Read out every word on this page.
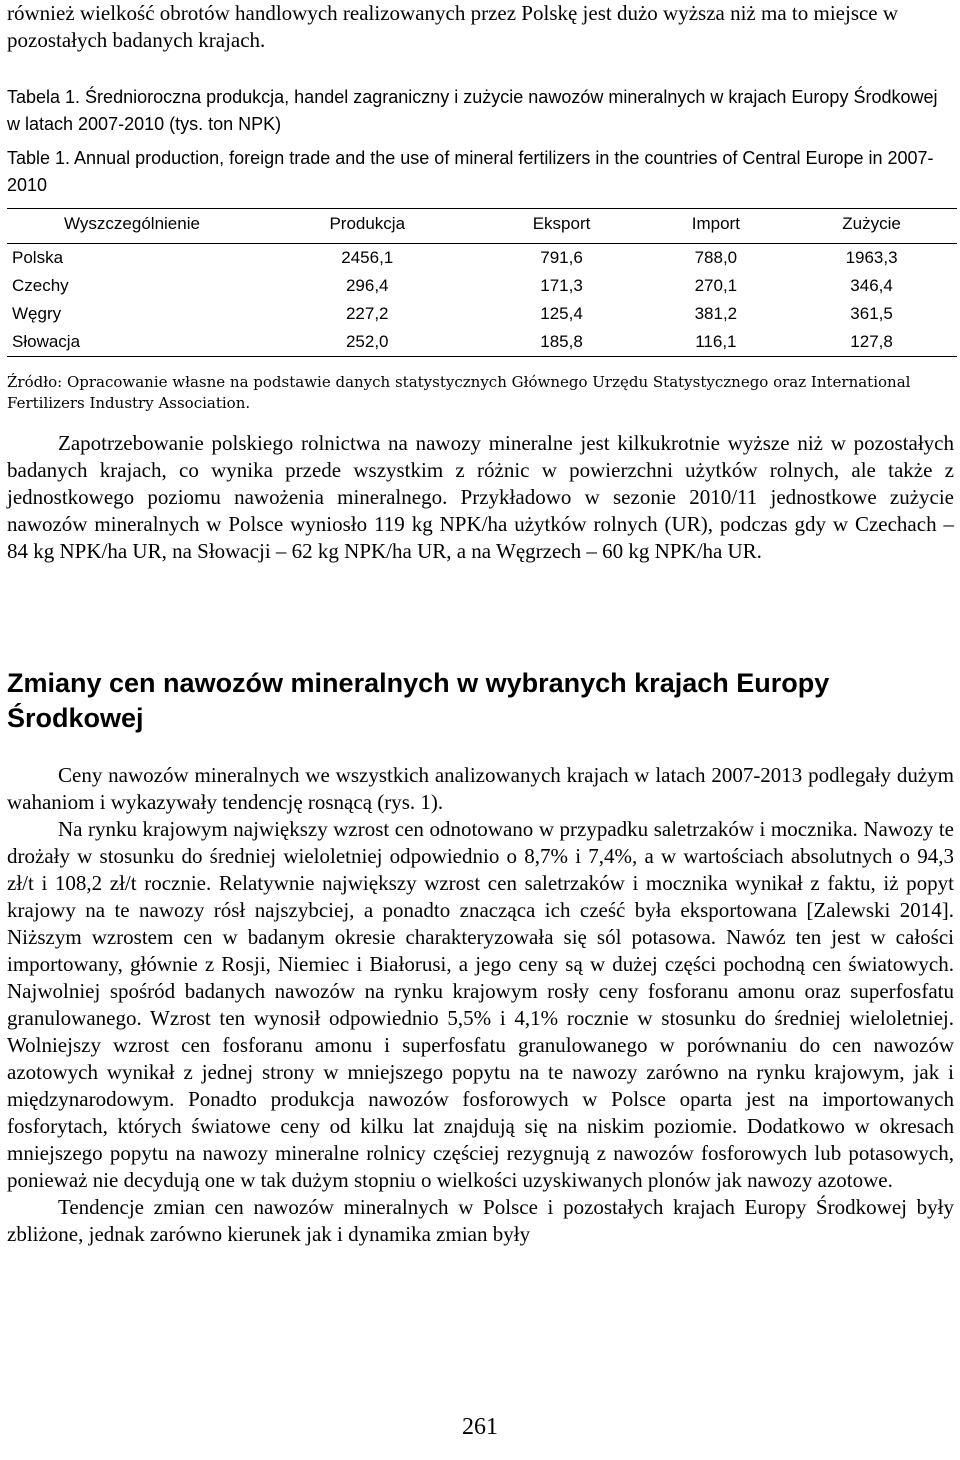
również wielkość obrotów handlowych realizowanych przez Polskę jest dużo wyższa niż ma to miejsce w pozostałych badanych krajach.

Tabela 1. Średnioroczna produkcja, handel zagraniczny i zużycie nawozów mineralnych w krajach Europy Środkowej w latach 2007-2010 (tys. ton NPK)

Table 1. Annual production, foreign trade and the use of mineral fertilizers in the countries of Central Europe in 2007-2010

Wyszczególnienie	Produkcja	Eksport	Import	Zużycie
Polska	2456,1	791,6	788,0	1963,3
Czechy	296,4	171,3	270,1	346,4
Węgry	227,2	125,4	381,2	361,5
Słowacja	252,0	185,8	116,1	127,8

Źródło: Opracowanie własne na podstawie danych statystycznych Głównego Urzędu Statystycznego oraz International Fertilizers Industry Association.

Zapotrzebowanie polskiego rolnictwa na nawozy mineralne jest kilkukrotnie wyższe niż w pozostałych badanych krajach, co wynika przede wszystkim z różnic w powierzchni użytków rolnych, ale także z jednostkowego poziomu nawożenia mineralnego. Przykładowo w sezonie 2010/11 jednostkowe zużycie nawozów mineralnych w Polsce wyniosło 119 kg NPK/ha użytków rolnych (UR), podczas gdy w Czechach – 84 kg NPK/ha UR, na Słowacji – 62 kg NPK/ha UR, a na Węgrzech – 60 kg NPK/ha UR.

Zmiany cen nawozów mineralnych w wybranych krajach Europy Środkowej
Ceny nawozów mineralnych we wszystkich analizowanych krajach w latach 2007-2013 podlegały dużym wahaniom i wykazywały tendencję rosnącą (rys. 1).
Na rynku krajowym największy wzrost cen odnotowano w przypadku saletrzaków i mocznika. Nawozy te drożały w stosunku do średniej wieloletniej odpowiednio o 8,7% i 7,4%, a w wartościach absolutnych o 94,3 zł/t i 108,2 zł/t rocznie. Relatywnie największy wzrost cen saletrzaków i mocznika wynikał z faktu, iż popyt krajowy na te nawozy rósł najszybciej, a ponadto znacząca ich cześć była eksportowana [Zalewski 2014]. Niższym wzrostem cen w badanym okresie charakteryzowała się sól potasowa. Nawóz ten jest w całości importowany, głównie z Rosji, Niemiec i Białorusi, a jego ceny są w dużej części pochodną cen światowych. Najwolniej spośród badanych nawozów na rynku krajowym rosły ceny fosforanu amonu oraz superfosfatu granulowanego. Wzrost ten wynosił odpowiednio 5,5% i 4,1% rocznie w stosunku do średniej wieloletniej. Wolniejszy wzrost cen fosforanu amonu i superfosfatu granulowanego w porównaniu do cen nawozów azotowych wynikał z jednej strony w mniejszego popytu na te nawozy zarówno na rynku krajowym, jak i międzynarodowym. Ponadto produkcja nawozów fosforowych w Polsce oparta jest na importowanych fosforytach, których światowe ceny od kilku lat znajdują się na niskim poziomie. Dodatkowo w okresach mniejszego popytu na nawozy mineralne rolnicy częściej rezygnują z nawozów fosforowych lub potasowych, ponieważ nie decydują one w tak dużym stopniu o wielkości uzyskiwanych plonów jak nawozy azotowe.
Tendencje zmian cen nawozów mineralnych w Polsce i pozostałych krajach Europy Środkowej były zbliżone, jednak zarówno kierunek jak i dynamika zmian były
261
